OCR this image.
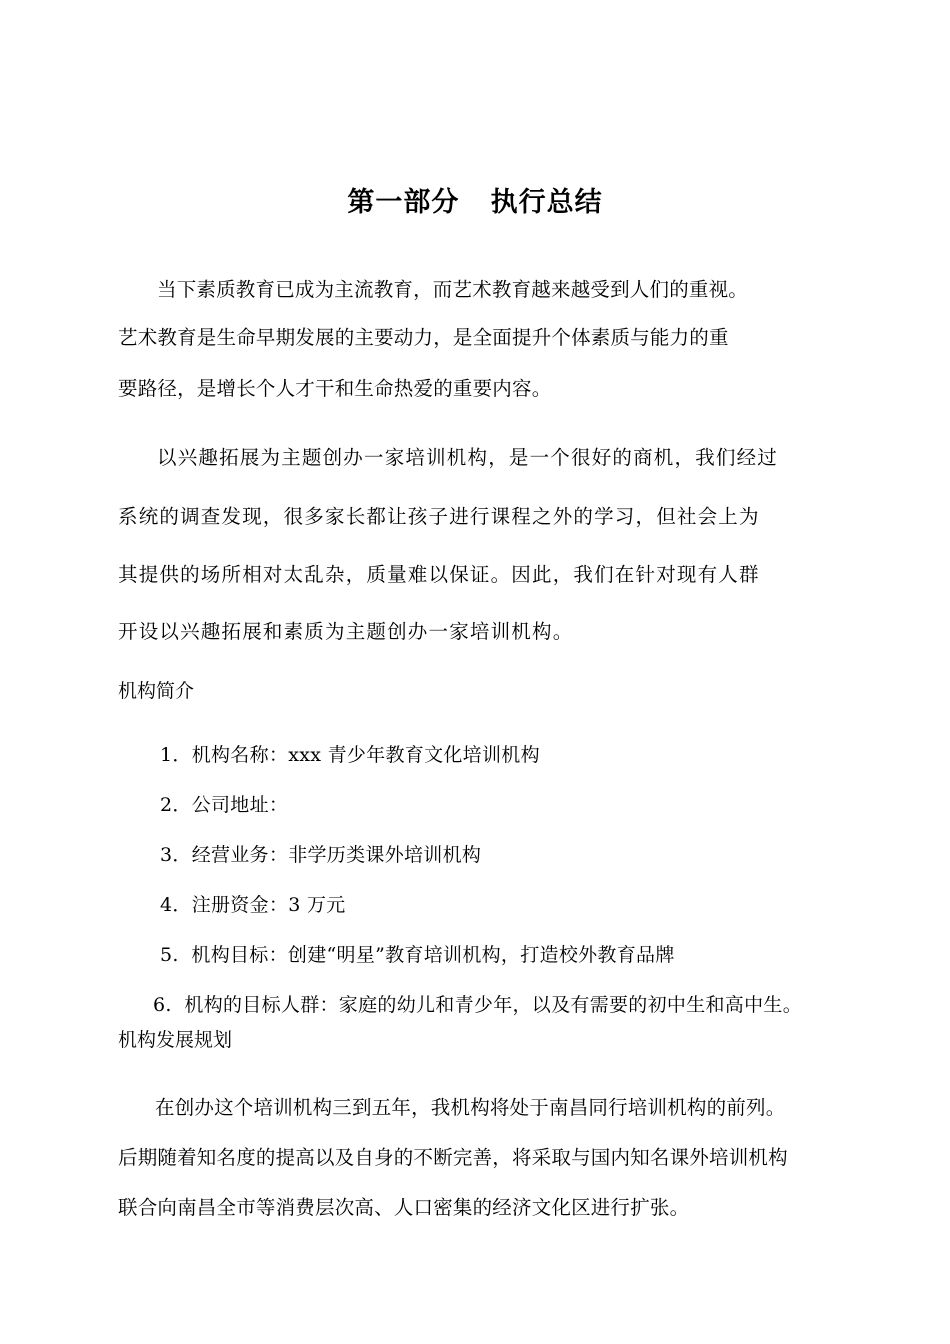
第一部分   执行总结
当下素质教育已成为主流教育，而艺术教育越来越受到人们的重视。
艺术教育是生命早期发展的主要动力，是全面提升个体素质与能力的重
要路径，是增长个人才干和生命热爱的重要内容。
以兴趣拓展为主题创办一家培训机构，是一个很好的商机，我们经过
系统的调查发现，很多家长都让孩子进行课程之外的学习，但社会上为
其提供的场所相对太乱杂，质量难以保证。因此，我们在针对现有人群
开设以兴趣拓展和素质为主题创办一家培训机构。
机构简介
1．机构名称：xxx 青少年教育文化培训机构
2．公司地址：
3．经营业务：非学历类课外培训机构
4．注册资金：3 万元
5.  机构目标：创建“明星”教育培训机构，打造校外教育品牌
6.  机构的目标人群：家庭的幼儿和青少年，以及有需要的初中生和高中生。
机构发展规划
在创办这个培训机构三到五年，我机构将处于南昌同行培训机构的前列。
后期随着知名度的提高以及自身的不断完善，将采取与国内知名课外培训机构
联合向南昌全市等消费层次高、人口密集的经济文化区进行扩张。
